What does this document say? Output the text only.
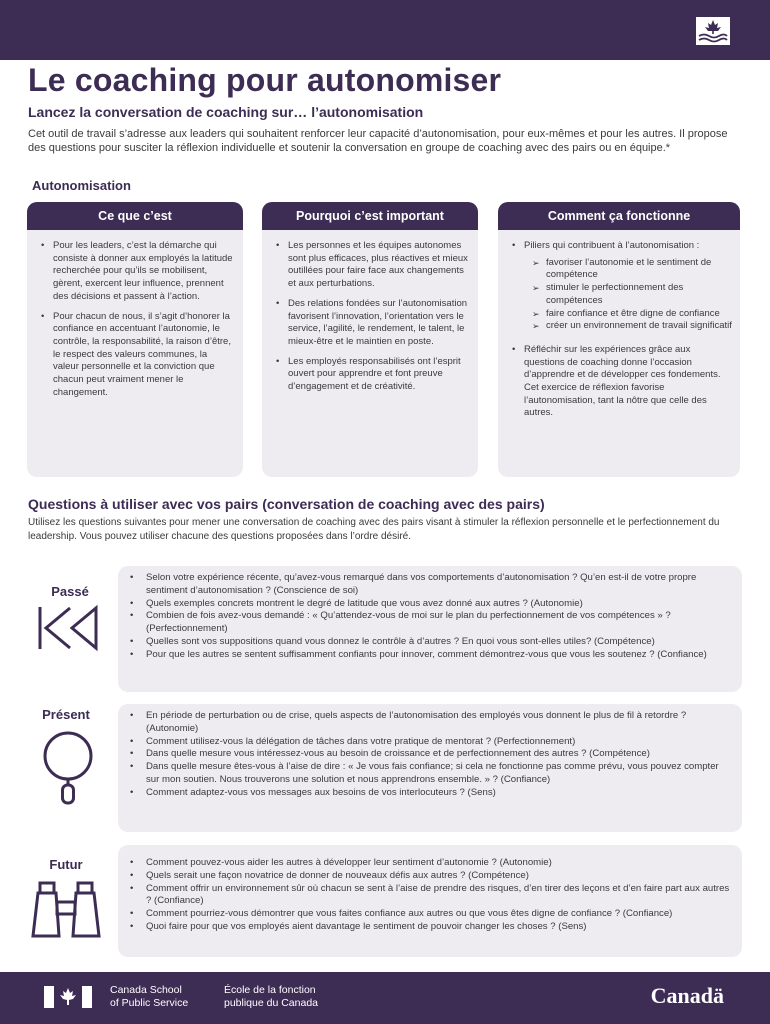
Le coaching pour autonomiser
Lancez la conversation de coaching sur… l’autonomisation

Cet outil de travail s’adresse aux leaders qui souhaitent renforcer leur capacité d’autonomisation, pour eux-mêmes et pour les autres. Il propose des questions pour susciter la réflexion individuelle et soutenir la conversation en groupe de coaching avec des pairs ou en équipe.*

Autonomisation
Ce que c’est
• Pour les leaders, c’est la démarche qui consiste à donner aux employés la latitude recherchée pour qu’ils se mobilisent, gèrent, exercent leur influence, prennent des décisions et passent à l’action.
• Pour chacun de nous, il s’agit d’honorer la confiance en accentuant l’autonomie, le contrôle, la responsabilité, la raison d’être, le respect des valeurs communes, la valeur personnelle et la conviction que chacun peut vraiment mener le changement.
Pourquoi c’est important
• Les personnes et les équipes autonomes sont plus efficaces, plus réactives et mieux outillées pour faire face aux changements et aux perturbations.
• Des relations fondées sur l’autonomisation favorisent l’innovation, l’orientation vers le service, l’agilité, le rendement, le talent, le mieux-être et le maintien en poste.
• Les employés responsabilisés ont l’esprit ouvert pour apprendre et font preuve d’engagement et de créativité.
Comment ça fonctionne
• Piliers qui contribuent à l’autonomisation :
➢ favoriser l’autonomie et le sentiment de compétence
➢ stimuler le perfectionnement des compétences
➢ faire confiance et être digne de confiance
➢ créer un environnement de travail significatif
• Réfléchir sur les expériences grâce aux questions de coaching donne l’occasion d’apprendre et de développer ces fondements. Cet exercice de réflexion favorise l’autonomisation, tant la nôtre que celle des autres.
Questions à utiliser avec vos pairs (conversation de coaching avec des pairs)

Utilisez les questions suivantes pour mener une conversation de coaching avec des pairs visant à stimuler la réflexion personnelle et le perfectionnement du leadership. Vous pouvez utiliser chacune des questions proposées dans l’ordre désiré.

Passé
• Selon votre expérience récente, qu’avez-vous remarqué dans vos comportements d’autonomisation ? Qu’en est-il de votre propre sentiment d’autonomisation ? (Conscience de soi)
• Quels exemples concrets montrent le degré de latitude que vous avez donné aux autres ? (Autonomie)
• Combien de fois avez-vous demandé : « Qu’attendez-vous de moi sur le plan du perfectionnement de vos compétences » ? (Perfectionnement)
• Quelles sont vos suppositions quand vous donnez le contrôle à d’autres ? En quoi vous sont-elles utiles? (Compétence)
• Pour que les autres se sentent suffisamment confiants pour innover, comment démontrez-vous que vous les soutenez ? (Confiance)
Présent	• En période de perturbation ou de crise, quels aspects de l’autonomisation des employés vous donnent le plus de fil à retordre ? (Autonomie)
• Comment utilisez-vous la délégation de tâches dans votre pratique de mentorat ? (Perfectionnement)
• Dans quelle mesure vous intéressez-vous au besoin de croissance et de perfectionnement des autres ? (Compétence)
• Dans quelle mesure êtes-vous à l’aise de dire : « Je vous fais confiance; si cela ne fonctionne pas comme prévu, vous pouvez compter sur mon soutien. Nous trouverons une solution et nous apprendrons ensemble. » ? (Confiance)
• Comment adaptez-vous vos messages aux besoins de vos interlocuteurs ? (Sens)
Futur	• Comment pouvez-vous aider les autres à développer leur sentiment d’autonomie ? (Autonomie)
• Quels serait une façon novatrice de donner de nouveaux défis aux autres ? (Compétence)
• Comment offrir un environnement sûr où chacun se sent à l’aise de prendre des risques, d’en tirer des leçons et d’en faire part aux autres ? (Confiance)
• Comment pourriez-vous démontrer que vous faites confiance aux autres ou que vous êtes digne de confiance ? (Confiance)
• Quoi faire pour que vos employés aient davantage le sentiment de pouvoir changer les choses ? (Sens)
Canada School
of Public Service
École de la fonction
publique du Canada	Canadä
